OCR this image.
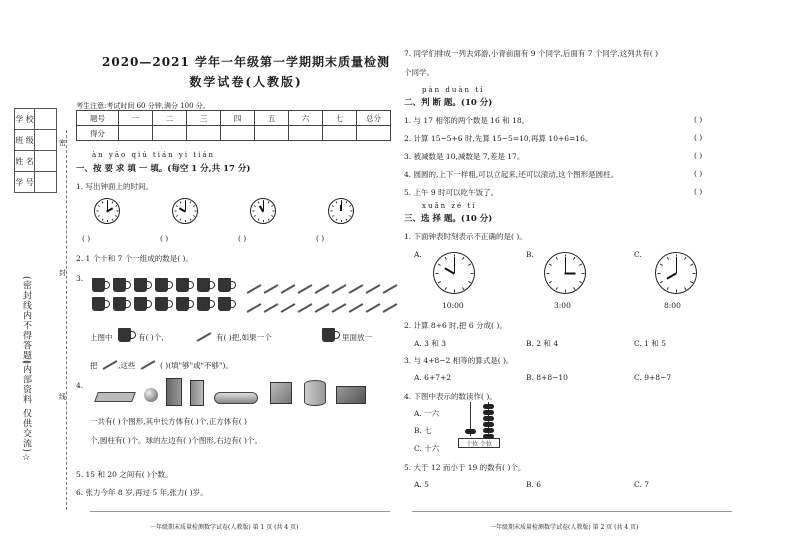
学 校	
班 级	
姓 名	
学 号	
(密封线内不得答题)
(内部资料 仅供交流)☆
密
封
线
2020—2021 学年一年级第一学期期末质量检测
数学试卷(人教版)
考生注意:考试时间 60 分钟,满分 100 分。
题号	一	二	三	四	五	六	七	总分
得分								
àn yāo qiú tián yi tián
一、按 要 求 填 一 填。(每空 1 分,共 17 分)
1. 写出钟面上的时间。
( )	( )	( )	( )
2. 1 个十和 7 个一组成的数是( )。
3.
上图中	有( )个,	有( )把,如果一个	里面放一
把	,这些	( )(填"够"或"不够")。
4.
一共有( )个图形,其中长方体有( )个,正方体有( )
个,圆柱有( )个。球的左边有( )个图形,右边有( )个。
5. 15 和 20 之间有( )个数。
6. 张力今年 8 岁,再过 5 年,张力( )岁。
一年级期末质量检测数学试卷(人教版) 第 1 页 (共 4 页)
7. 同学们排成一列去郊游,小青前面有 9 个同学,后面有 7 个同学,这列共有( )
个同学。
pàn duàn tí
二、判 断 题。(10 分)
1. 与 17 相邻的两个数是 16 和 18。	( )
2. 计算 15−5+6 时,先算 15−5=10,再算 10+6=16。	( )
3. 被减数是 10,减数是 7,差是 17。	( )
4. 圆圆的,上下一样粗,可以立起来,还可以滚动,这个图形是圆柱。	( )
5. 上午 9 时可以吃午饭了。	( )
xuǎn zé tí
三、选 择 题。(10 分)
1. 下面钟表时刻表示不正确的是( )。
A.	B.	C.
10:00	3:00	8:00
2. 计算 8+6 时,把 6 分成( )。
A. 3 和 3	B. 2 和 4	C. 1 和 5
3. 与 4+8−2 相等的算式是( )。
A. 6+7+2	B. 8+8−10	C. 9+8−7
4. 下图中表示的数读作( )。
A. 一六
B. 七
C. 十六	十位 个位
5. 大于 12 而小于 19 的数有( )个。
A. 5	B. 6	C. 7
一年级期末质量检测数学试卷(人教版) 第 2 页 (共 4 页)
